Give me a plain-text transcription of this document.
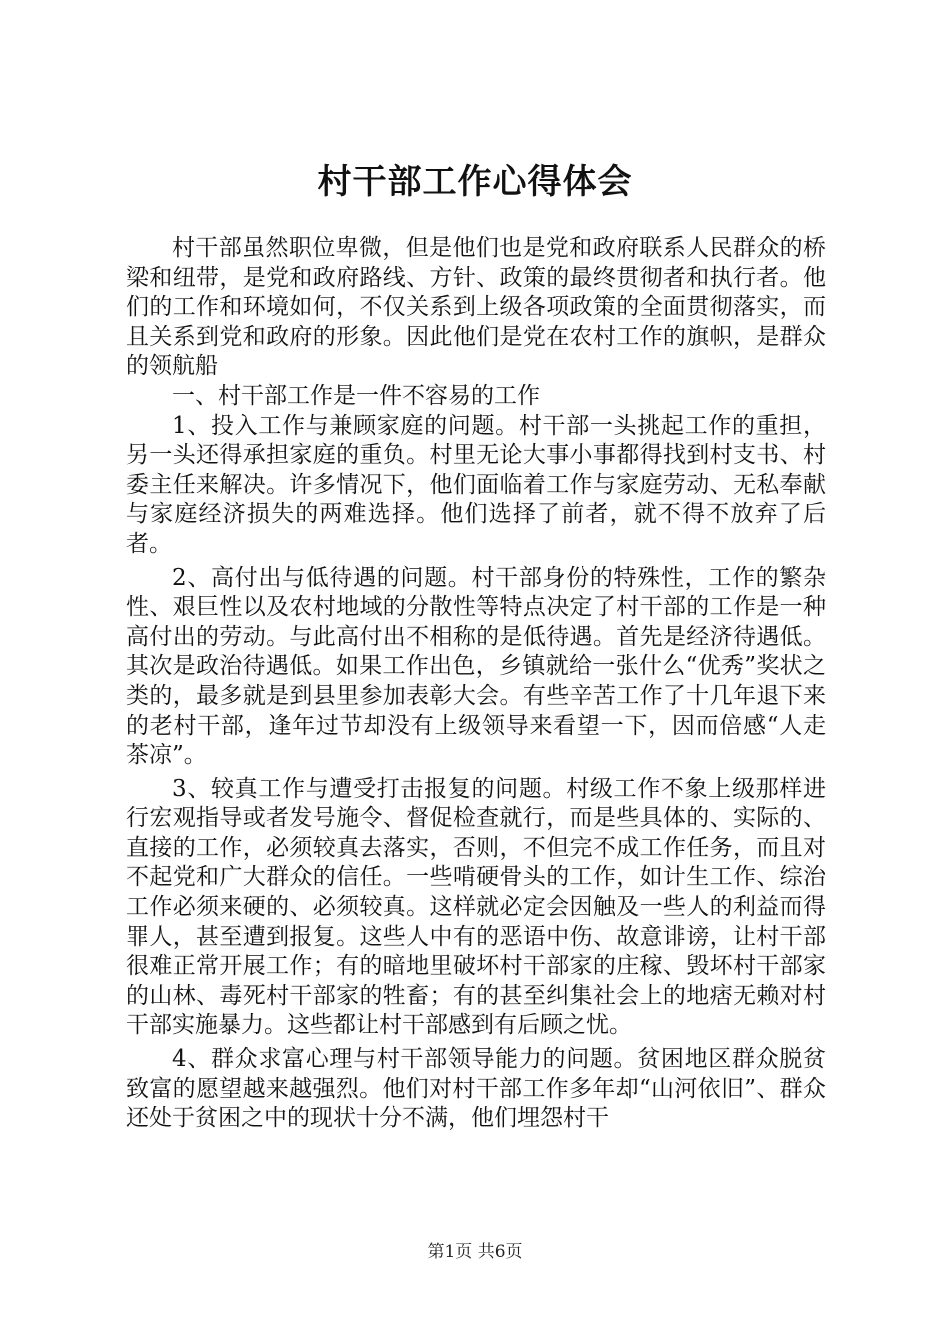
村干部工作心得体会

村干部虽然职位卑微，但是他们也是党和政府联系人民群众的桥梁和纽带，是党和政府路线、方针、政策的最终贯彻者和执行者。他们的工作和环境如何，不仅关系到上级各项政策的全面贯彻落实，而且关系到党和政府的形象。因此他们是党在农村工作的旗帜，是群众的领航船

一、村干部工作是一件不容易的工作

1、投入工作与兼顾家庭的问题。村干部一头挑起工作的重担，另一头还得承担家庭的重负。村里无论大事小事都得找到村支书、村委主任来解决。许多情况下，他们面临着工作与家庭劳动、无私奉献与家庭经济损失的两难选择。他们选择了前者，就不得不放弃了后者。

2、高付出与低待遇的问题。村干部身份的特殊性，工作的繁杂性、艰巨性以及农村地域的分散性等特点决定了村干部的工作是一种高付出的劳动。与此高付出不相称的是低待遇。首先是经济待遇低。其次是政治待遇低。如果工作出色，乡镇就给一张什么“优秀”奖状之类的，最多就是到县里参加表彰大会。有些辛苦工作了十几年退下来的老村干部，逢年过节却没有上级领导来看望一下，因而倍感“人走茶凉”。

3、较真工作与遭受打击报复的问题。村级工作不象上级那样进行宏观指导或者发号施令、督促检查就行，而是些具体的、实际的、直接的工作，必须较真去落实，否则，不但完不成工作任务，而且对不起党和广大群众的信任。一些啃硬骨头的工作，如计生工作、综治工作必须来硬的、必须较真。这样就必定会因触及一些人的利益而得罪人，甚至遭到报复。这些人中有的恶语中伤、故意诽谤，让村干部很难正常开展工作；有的暗地里破坏村干部家的庄稼、毁坏村干部家的山林、毒死村干部家的牲畜；有的甚至纠集社会上的地痞无赖对村干部实施暴力。这些都让村干部感到有后顾之忧。

4、群众求富心理与村干部领导能力的问题。贫困地区群众脱贫致富的愿望越来越强烈。他们对村干部工作多年却“山河依旧”、群众还处于贫困之中的现状十分不满，他们埋怨村干

第1页 共6页
